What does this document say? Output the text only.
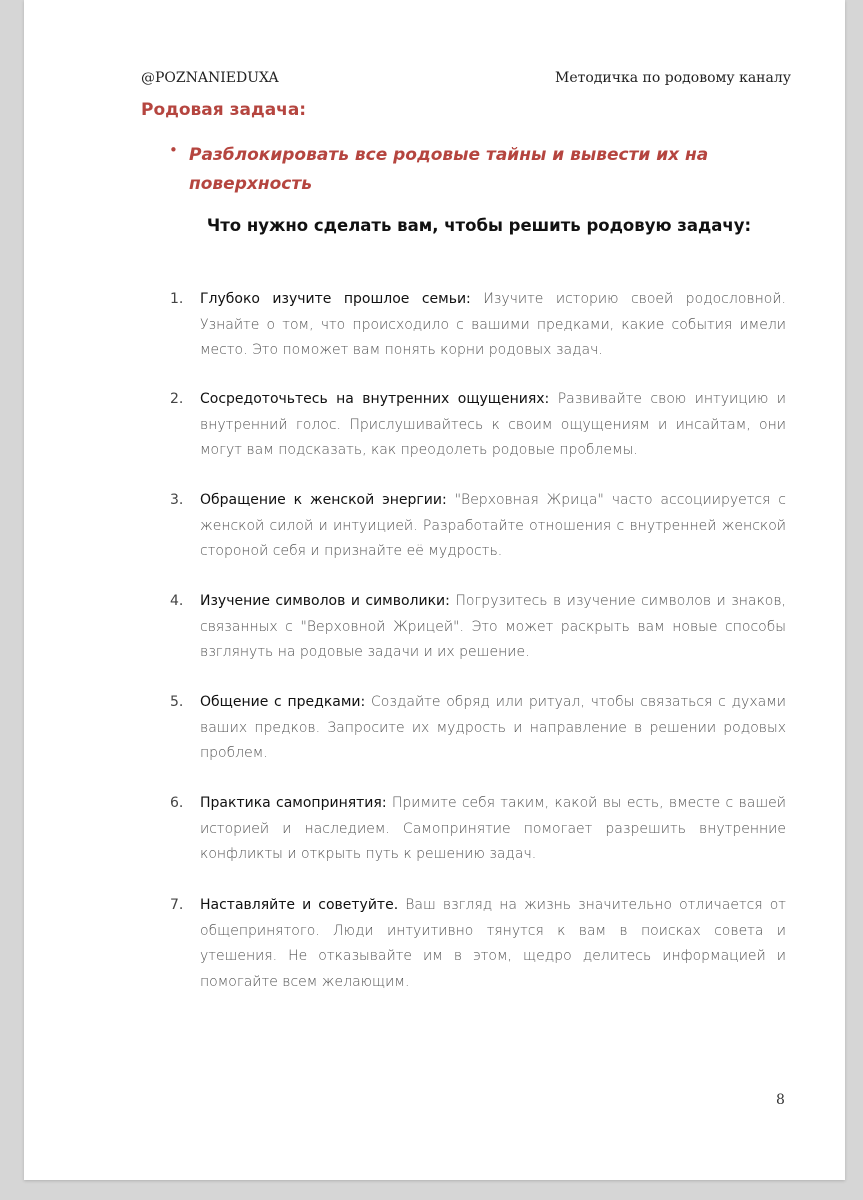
@POZNANIEDUXA	Методичка по родовому каналу
Родовая задача:
• Разблокировать все родовые тайны и вывести их на поверхность
Что нужно сделать вам, чтобы решить родовую задачу:
1. Глубоко изучите прошлое семьи: Изучите историю своей родословной. Узнайте о том, что происходило с вашими предками, какие события имели место. Это поможет вам понять корни родовых задач.
2. Сосредоточьтесь на внутренних ощущениях: Развивайте свою интуицию и внутренний голос. Прислушивайтесь к своим ощущениям и инсайтам, они могут вам подсказать, как преодолеть родовые проблемы.
3. Обращение к женской энергии: "Верховная Жрица" часто ассоциируется с женской силой и интуицией. Разработайте отношения с внутренней женской стороной себя и признайте её мудрость.
4. Изучение символов и символики: Погрузитесь в изучение символов и знаков, связанных с "Верховной Жрицей". Это может раскрыть вам новые способы взглянуть на родовые задачи и их решение.
5. Общение с предками: Создайте обряд или ритуал, чтобы связаться с духами ваших предков. Запросите их мудрость и направление в решении родовых проблем.
6. Практика самопринятия: Примите себя таким, какой вы есть, вместе с вашей историей и наследием. Самопринятие помогает разрешить внутренние конфликты и открыть путь к решению задач.
7. Наставляйте и советуйте. Ваш взгляд на жизнь значительно отличается от общепринятого. Люди интуитивно тянутся к вам в поисках совета и утешения. Не отказывайте им в этом, щедро делитесь информацией и помогайте всем желающим.
8
